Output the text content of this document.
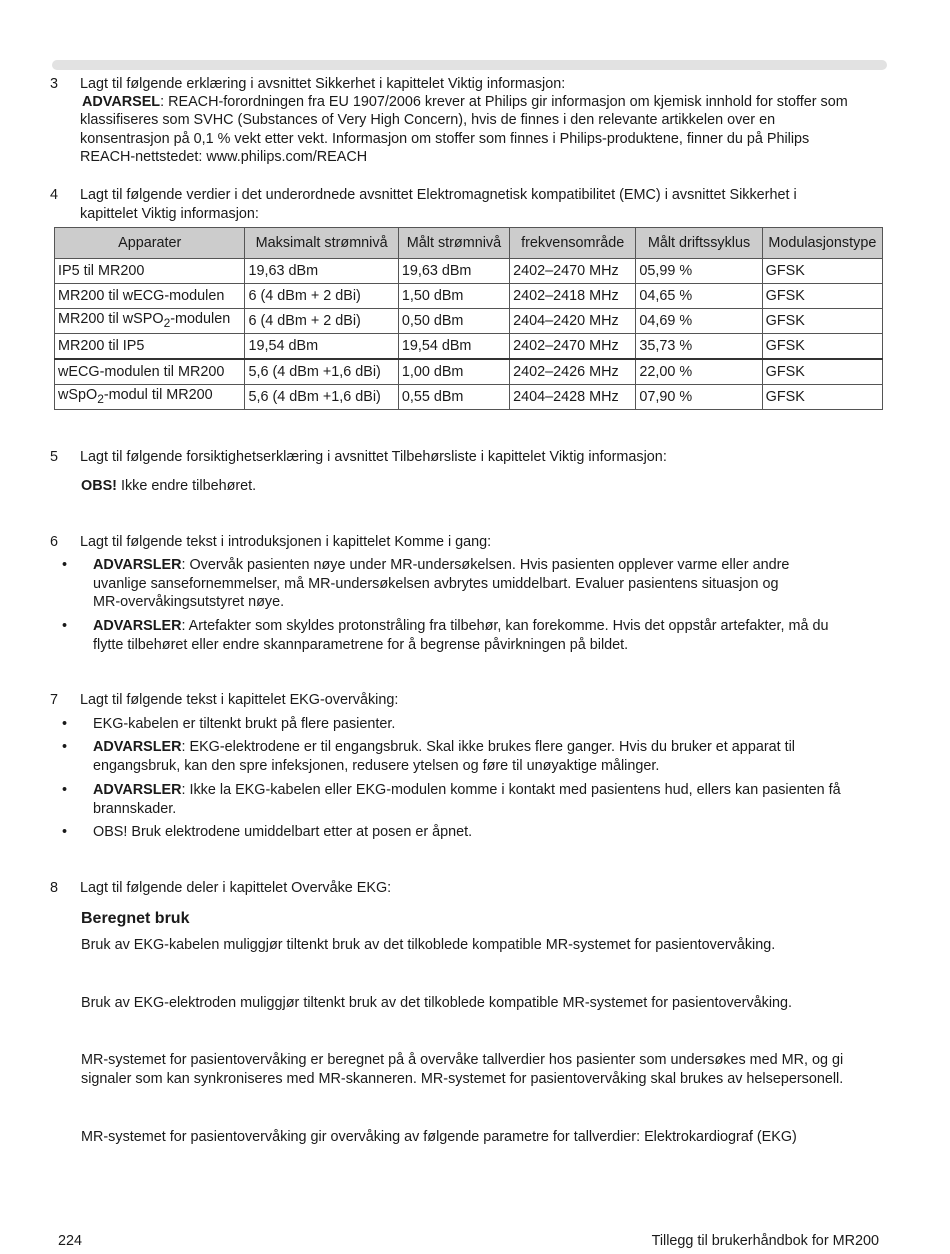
3 Lagt til følgende erklæring i avsnittet Sikkerhet i kapittelet Viktig informasjon:
ADVARSEL: REACH-forordningen fra EU 1907/2006 krever at Philips gir informasjon om kjemisk innhold for stoffer som
klassifiseres som SVHC (Substances of Very High Concern), hvis de finnes i den relevante artikkelen over en
konsentrasjon på 0,1 % vekt etter vekt. Informasjon om stoffer som finnes i Philips-produktene, finner du på Philips
REACH-nettstedet: www.philips.com/REACH
4 Lagt til følgende verdier i det underordnede avsnittet Elektromagnetisk kompatibilitet (EMC) i avsnittet Sikkerhet i
kapittelet Viktig informasjon:
Apparater	Maksimalt strømnivå	Målt strømnivå	frekvensområde	Målt driftssyklus	Modulasjonstype
IP5 til MR200	19,63 dBm	19,63 dBm	2402–2470 MHz	05,99 %	GFSK
MR200 til wECG-modulen	6 (4 dBm + 2 dBi)	1,50 dBm	2402–2418 MHz	04,65 %	GFSK
MR200 til wSPO$_2$-modulen	6 (4 dBm + 2 dBi)	0,50 dBm	2404–2420 MHz	04,69 %	GFSK
MR200 til IP5	19,54 dBm	19,54 dBm	2402–2470 MHz	35,73 %	GFSK
wECG-modulen til MR200	5,6 (4 dBm +1,6 dBi)	1,00 dBm	2402–2426 MHz	22,00 %	GFSK
wSpO$_2$-modul til MR200	5,6 (4 dBm +1,6 dBi)	0,55 dBm	2404–2428 MHz	07,90 %	GFSK
5 Lagt til følgende forsiktighetserklæring i avsnittet Tilbehørsliste i kapittelet Viktig informasjon:
OBS! Ikke endre tilbehøret.
6 Lagt til følgende tekst i introduksjonen i kapittelet Komme i gang:
• ADVARSLER: Overvåk pasienten nøye under MR-undersøkelsen. Hvis pasienten opplever varme eller andre
uvanlige sansefornemmelser, må MR-undersøkelsen avbrytes umiddelbart. Evaluer pasientens situasjon og
MR-overvåkingsutstyret nøye.
• ADVARSLER: Artefakter som skyldes protonstråling fra tilbehør, kan forekomme. Hvis det oppstår artefakter, må du
flytte tilbehøret eller endre skannparametrene for å begrense påvirkningen på bildet.
7 Lagt til følgende tekst i kapittelet EKG-overvåking:
• EKG-kabelen er tiltenkt brukt på flere pasienter.
• ADVARSLER: EKG-elektrodene er til engangsbruk. Skal ikke brukes flere ganger. Hvis du bruker et apparat til
engangsbruk, kan den spre infeksjonen, redusere ytelsen og føre til unøyaktige målinger.
• ADVARSLER: Ikke la EKG-kabelen eller EKG-modulen komme i kontakt med pasientens hud, ellers kan pasienten få
brannskader.
• OBS! Bruk elektrodene umiddelbart etter at posen er åpnet.
8 Lagt til følgende deler i kapittelet Overvåke EKG:
Beregnet bruk
Bruk av EKG-kabelen muliggjør tiltenkt bruk av det tilkoblede kompatible MR-systemet for pasientovervåking.
Bruk av EKG-elektroden muliggjør tiltenkt bruk av det tilkoblede kompatible MR-systemet for pasientovervåking.
MR-systemet for pasientovervåking er beregnet på å overvåke tallverdier hos pasienter som undersøkes med MR, og gi
signaler som kan synkroniseres med MR-skanneren. MR-systemet for pasientovervåking skal brukes av helsepersonell.
MR-systemet for pasientovervåking gir overvåking av følgende parametre for tallverdier: Elektrokardiograf (EKG)
224	Tillegg til brukerhåndbok for MR200
